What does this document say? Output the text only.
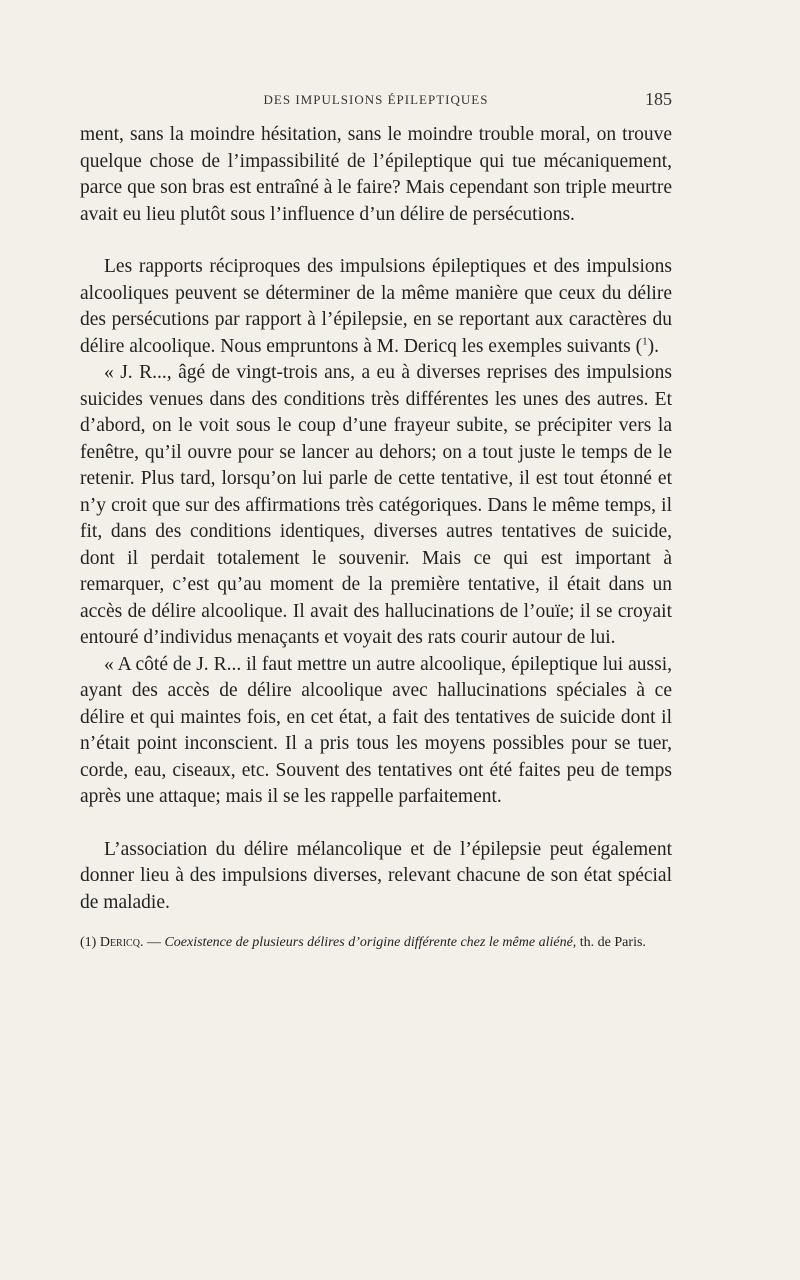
DES IMPULSIONS ÉPILEPTIQUES	185

ment, sans la moindre hésitation, sans le moindre trouble moral, on trouve quelque chose de l’impassibilité de l’épileptique qui tue mécaniquement, parce que son bras est entraîné à le faire? Mais cependant son triple meurtre avait eu lieu plutôt sous l’influence d’un délire de persécutions.

Les rapports réciproques des impulsions épileptiques et des impulsions alcooliques peuvent se déterminer de la même manière que ceux du délire des persécutions par rapport à l’épilepsie, en se reportant aux caractères du délire alcoolique. Nous empruntons à M. Dericq les exemples suivants ($^1$).

« J. R..., âgé de vingt-trois ans, a eu à diverses reprises des impulsions suicides venues dans des conditions très différentes les unes des autres. Et d’abord, on le voit sous le coup d’une frayeur subite, se précipiter vers la fenêtre, qu’il ouvre pour se lancer au dehors; on a tout juste le temps de le retenir. Plus tard, lorsqu’on lui parle de cette tentative, il est tout étonné et n’y croit que sur des affirmations très catégoriques. Dans le même temps, il fit, dans des conditions identiques, diverses autres tentatives de suicide, dont il perdait totalement le souvenir. Mais ce qui est important à remarquer, c’est qu’au moment de la première tentative, il était dans un accès de délire alcoolique. Il avait des hallucinations de l’ouïe; il se croyait entouré d’individus menaçants et voyait des rats courir autour de lui.

« A côté de J. R... il faut mettre un autre alcoolique, épileptique lui aussi, ayant des accès de délire alcoolique avec hallucinations spéciales à ce délire et qui maintes fois, en cet état, a fait des tentatives de suicide dont il n’était point inconscient. Il a pris tous les moyens possibles pour se tuer, corde, eau, ciseaux, etc. Souvent des tentatives ont été faites peu de temps après une attaque; mais il se les rappelle parfaitement.

L’association du délire mélancolique et de l’épilepsie peut également donner lieu à des impulsions diverses, relevant chacune de son état spécial de maladie.

(1) Dericq. — Coexistence de plusieurs délires d’origine différente chez le même aliéné, th. de Paris.
